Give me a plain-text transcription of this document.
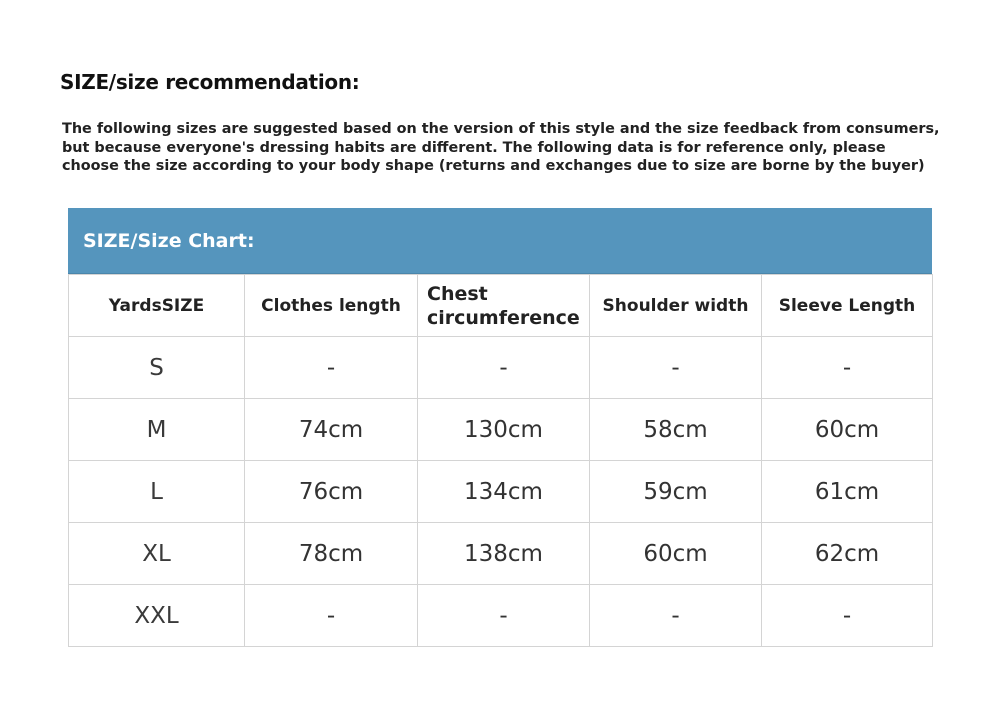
SIZE/size recommendation:
The following sizes are suggested based on the version of this style and the size feedback from consumers,
but because everyone's dressing habits are different. The following data is for reference only, please
choose the size according to your body shape (returns and exchanges due to size are borne by the buyer)
SIZE/Size Chart:
YardsSIZE	Clothes length	Chest circumference	Shoulder width	Sleeve Length
S	-	-	-	-
M	74cm	130cm	58cm	60cm
L	76cm	134cm	59cm	61cm
XL	78cm	138cm	60cm	62cm
XXL	-	-	-	-
